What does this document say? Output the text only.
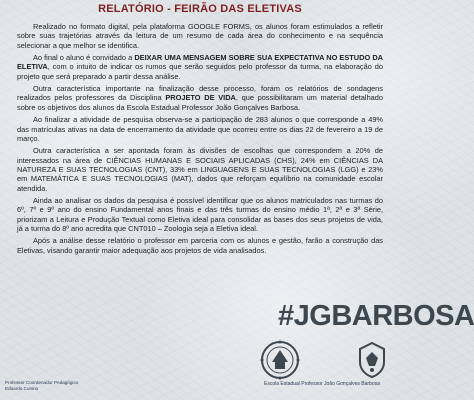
RELATÓRIO - FEIRÃO DAS ELETIVAS

Realizado no formato digital, pela plataforma GOOGLE FORMS, os alunos foram estimulados a refletir sobre suas trajetórias através da leitura de um resumo de cada área do conhecimento e na sequência selecionar a que melhor se identifica.

Ao final o aluno é convidado a DEIXAR UMA MENSAGEM SOBRE SUA EXPECTATIVA NO ESTUDO DA ELETIVA, com o intuito de indicar os rumos que serão seguidos pelo professor da turma, na elaboração do projeto que será preparado a partir dessa análise.

Outra característica importante na finalização desse processo, foram os relatórios de sondagens realizados pelos professores da Disciplina PROJETO DE VIDA, que possibilitaram um material detalhado sobre os objetivos dos alunos da Escola Estadual Professor João Gonçalves Barbosa.

Ao finalizar a atividade de pesquisa observa-se a participação de 283 alunos o que corresponde a 49% das matrículas ativas na data de encerramento da atividade que ocorreu entre os dias 22 de fevereiro a 19 de março.

Outra característica a ser apontada foram às divisões de escolhas que correspondem a 20% de interessados na área de CIÊNCIAS HUMANAS E SOCIAIS APLICADAS (CHS), 24% em CIÊNCIAS DA NATUREZA E SUAS TECNOLOGIAS (CNT), 33% em LINGUAGENS E SUAS TECNOLOGIAS (LGG) e 23% em MATEMÁTICA E SUAS TECNOLOGIAS (MAT), dados que reforçam equilíbrio na comunidade escolar atendida.

Ainda ao analisar os dados da pesquisa é possível identificar que os alunos matriculados nas turmas do 6º, 7º e 9º ano do ensino Fundamental anos finais e das três turmas do ensino médio 1ª, 2ª e 3ª Série, priorizam a Leitura e Produção Textual como Eletiva ideal para consolidar as bases dos seus projetos de vida, já a turma do 8º ano acredita que CNT010 – Zoologia seja a Eletiva ideal.

Após a análise desse relatório o professor em parceria com os alunos e gestão, farão a construção das Eletivas, visando garantir maior adequação aos projetos de vida analisados.

#JGBARBOSA
Escola Estadual Professor João Gonçalves Barbosa
Professor Coordenador Pedagógico
Eduardo Cunino
